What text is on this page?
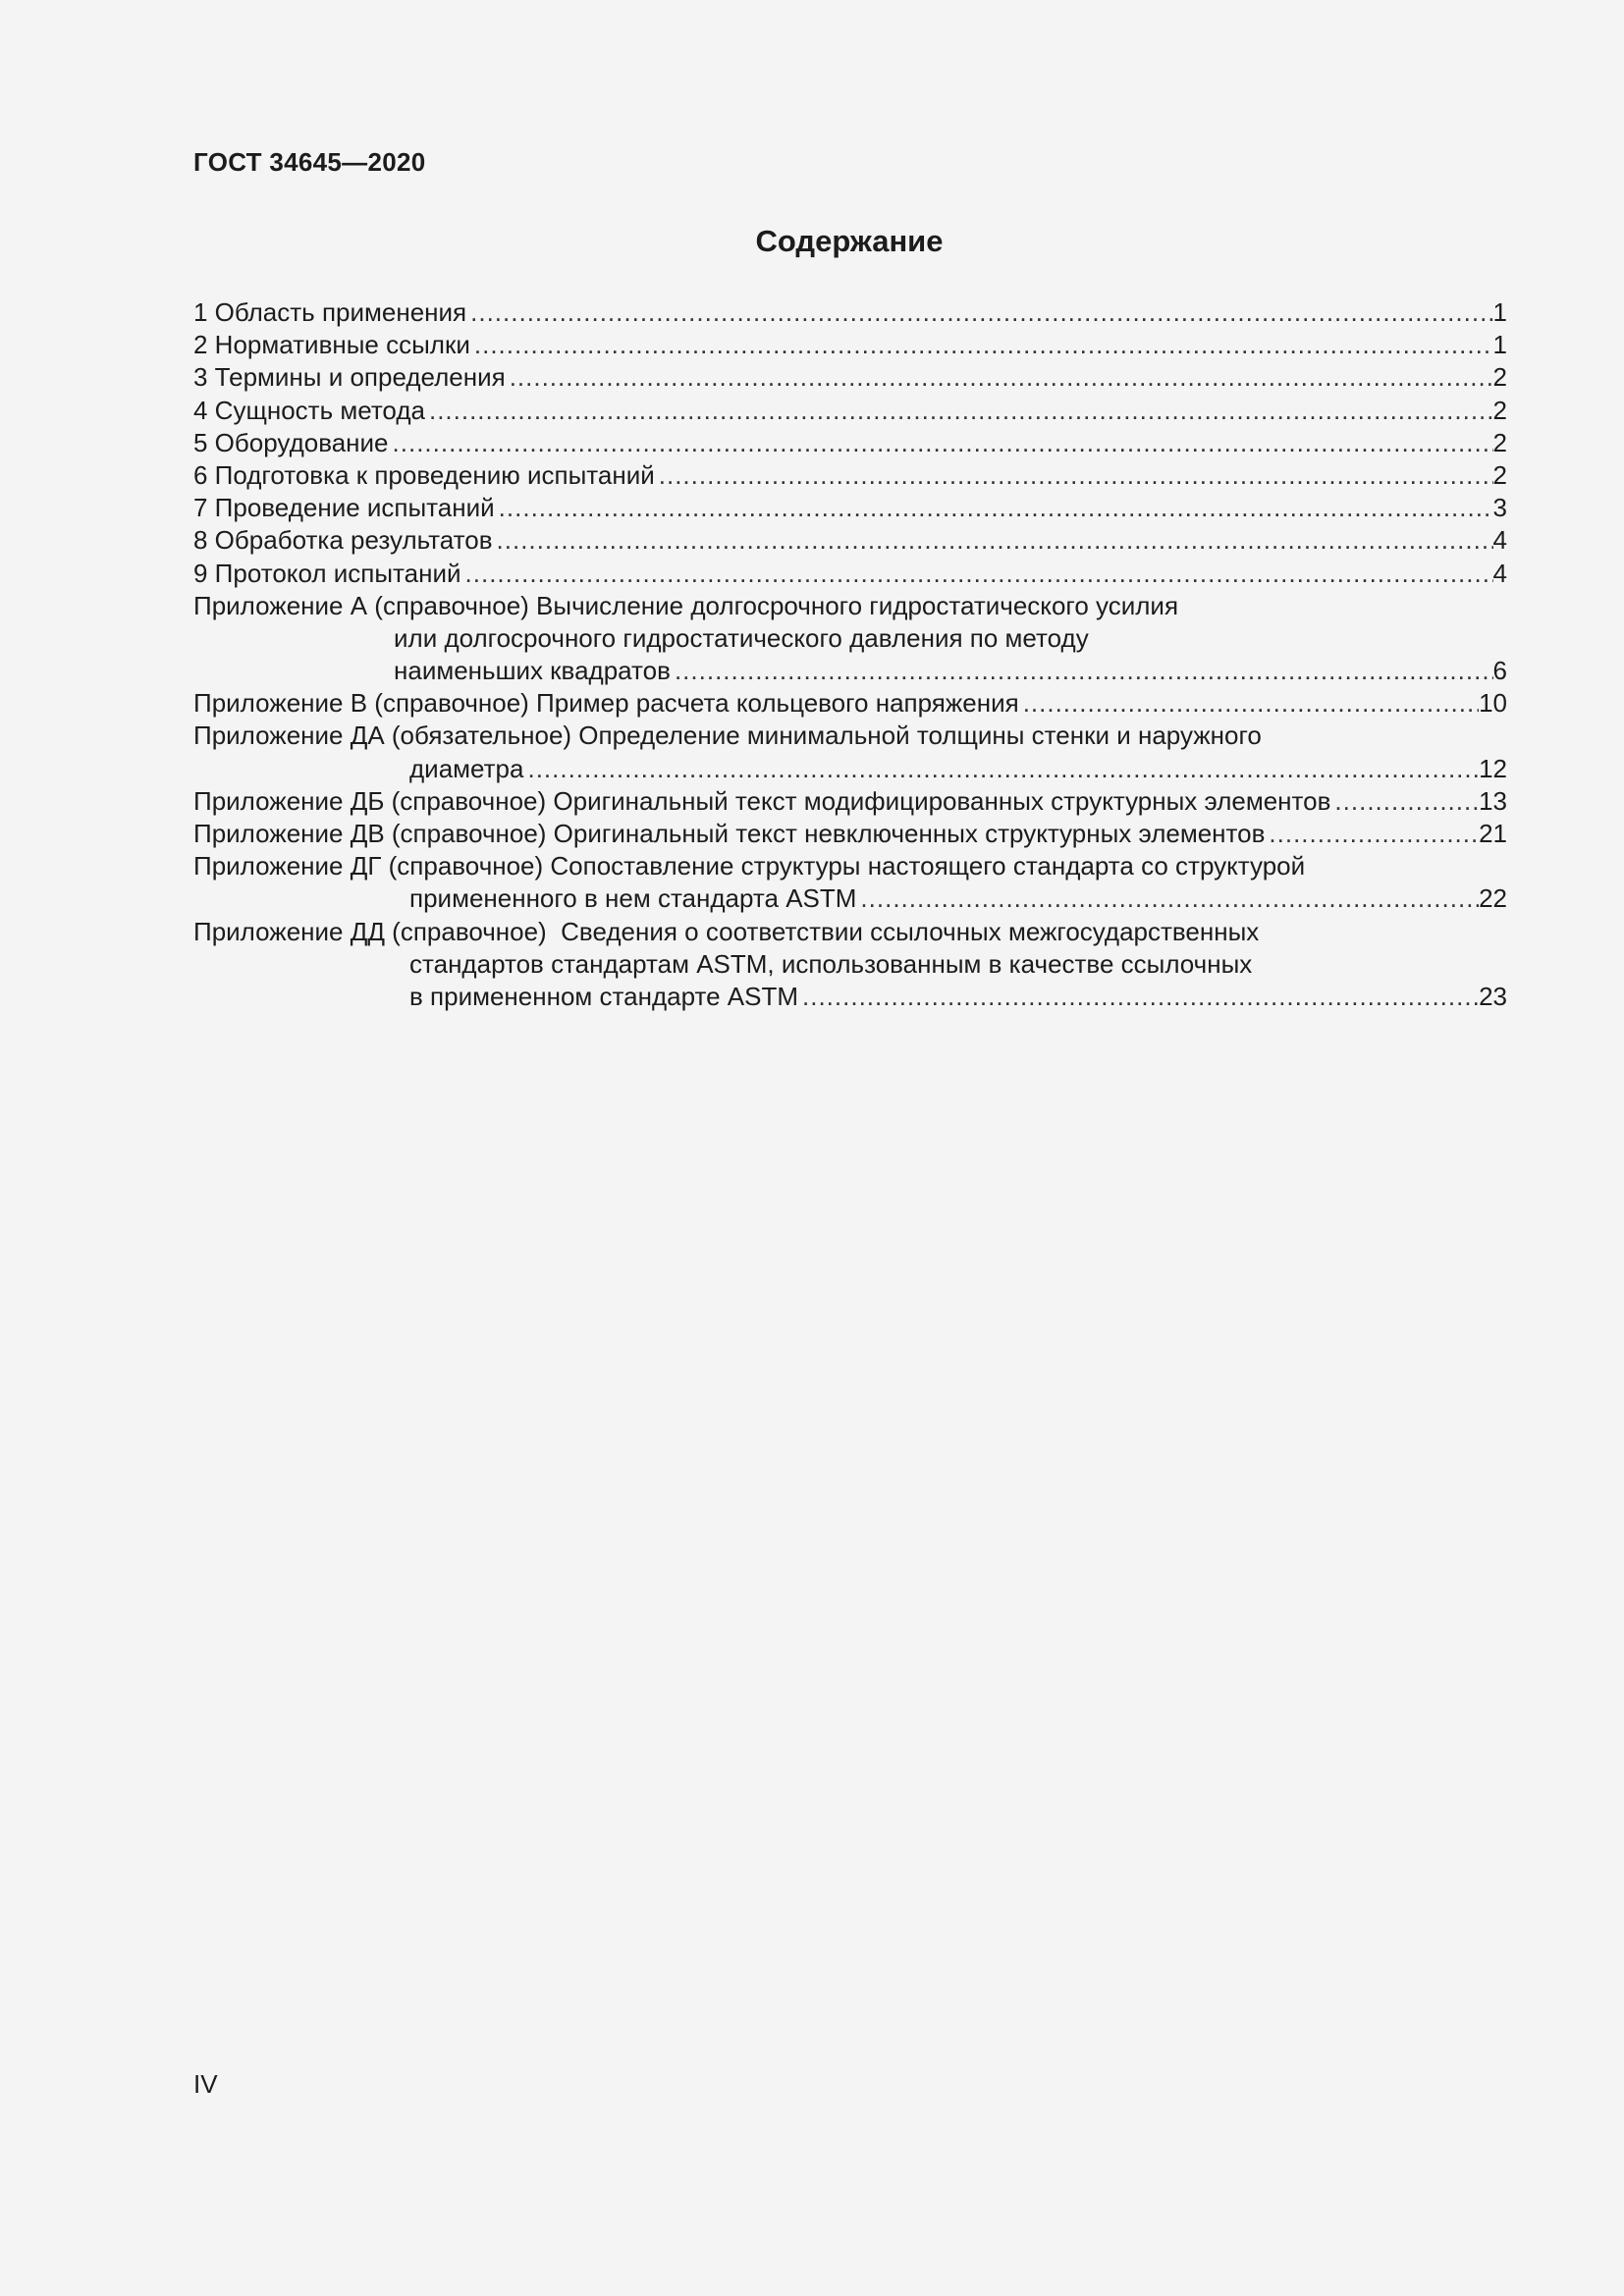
ГОСТ 34645—2020
Содержание
1 Область применения .....	1
2 Нормативные ссылки .....	1
3 Термины и определения .....	2
4 Сущность метода .....	2
5 Оборудование .....	2
6 Подготовка к проведению испытаний .....	2
7 Проведение испытаний .....	3
8 Обработка результатов .....	4
9 Протокол испытаний .....	4
Приложение А (справочное) Вычисление долгосрочного гидростатического усилия
или долгосрочного гидростатического давления по методу
наименьших квадратов .....	6
Приложение В (справочное) Пример расчета кольцевого напряжения .....	10
Приложение ДА (обязательное) Определение минимальной толщины стенки и наружного
диаметра .....	12
Приложение ДБ (справочное) Оригинальный текст модифицированных структурных элементов .....	13
Приложение ДВ (справочное) Оригинальный текст невключенных структурных элементов .....	21
Приложение ДГ (справочное) Сопоставление структуры настоящего стандарта со структурой
примененного в нем стандарта ASTM .....	22
Приложение ДД (справочное)  Сведения о соответствии ссылочных межгосударственных
стандартов стандартам ASTM, использованным в качестве ссылочных
в примененном стандарте ASTM .....	23
IV
